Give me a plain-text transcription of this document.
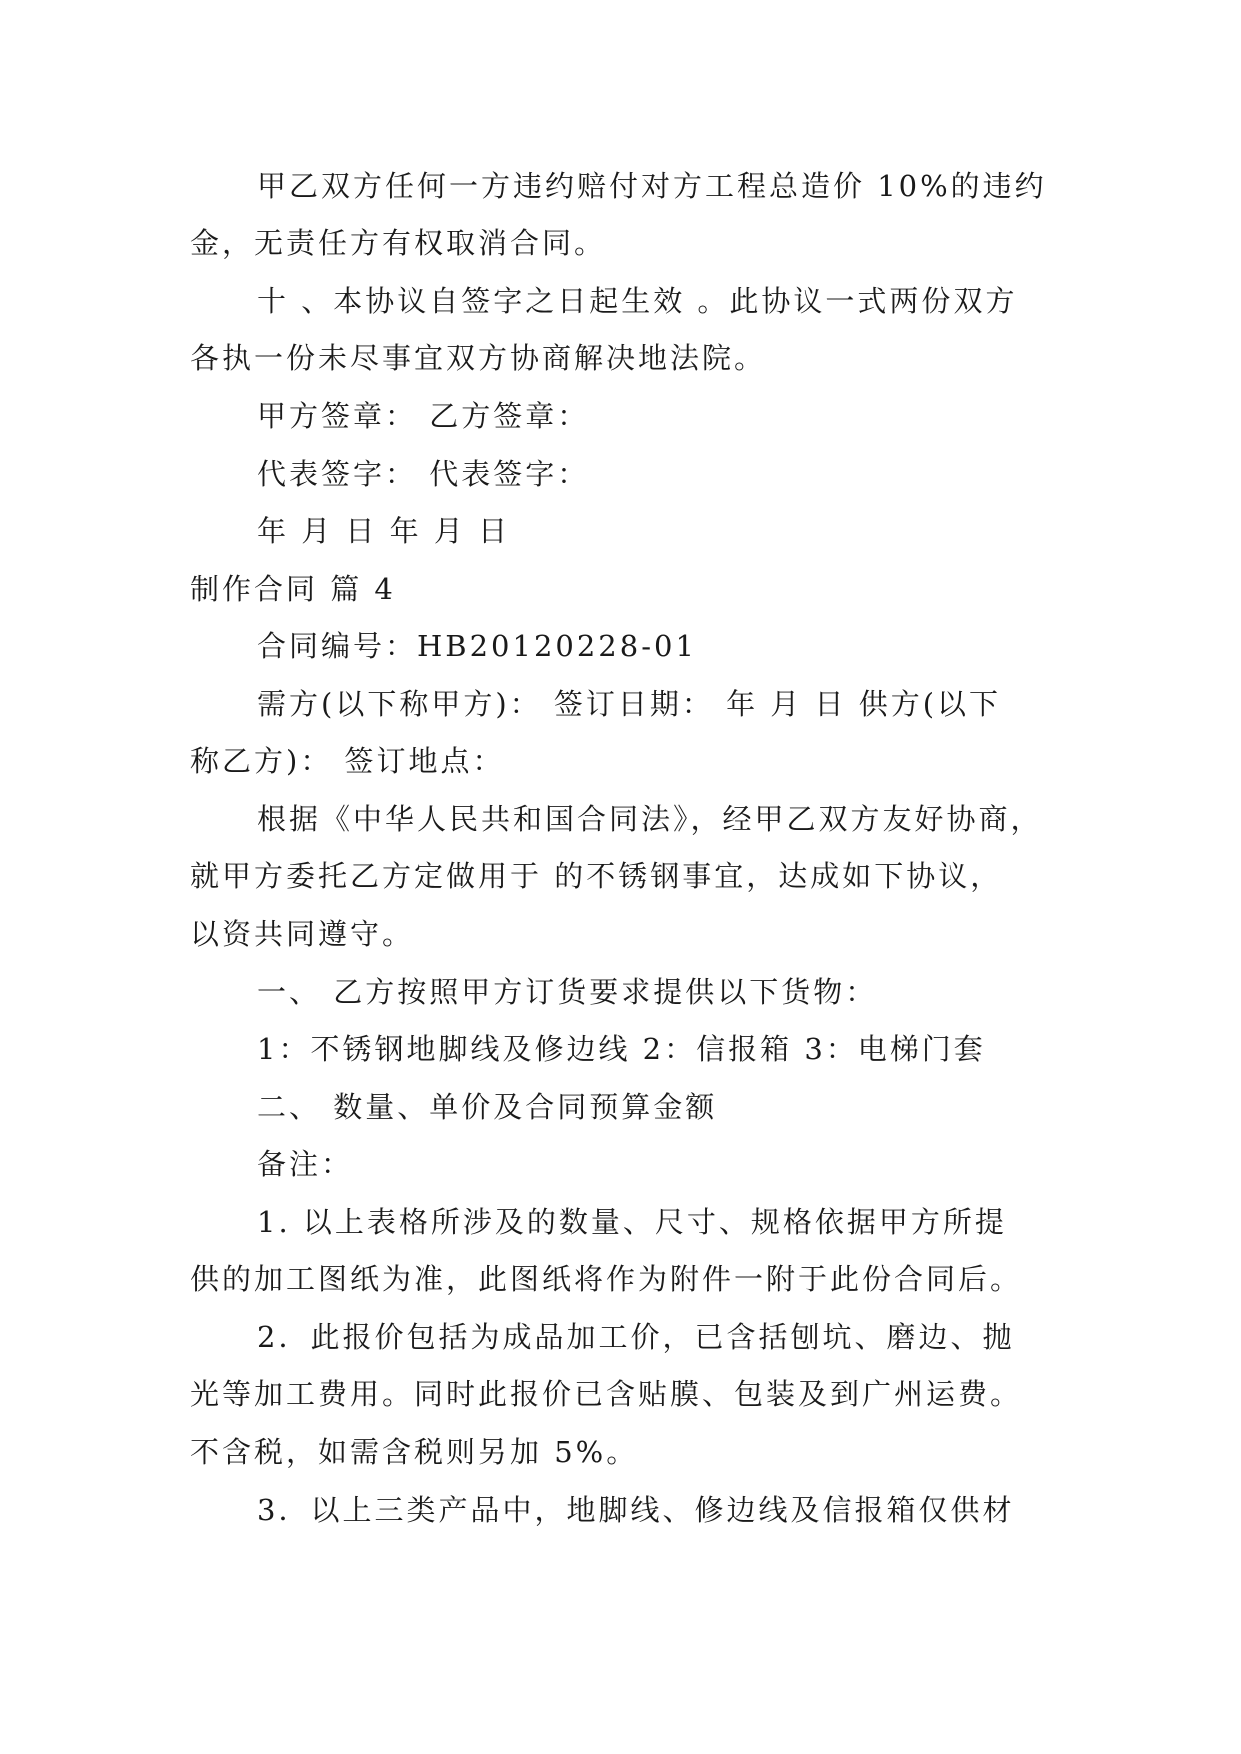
甲乙双方任何一方违约赔付对方工程总造价 10%的违约
金，无责任方有权取消合同。
十 、本协议自签字之日起生效 。此协议一式两份双方
各执一份未尽事宜双方协商解决地法院。
甲方签章： 乙方签章：
代表签字： 代表签字：
年 月 日 年 月 日
制作合同 篇 4
合同编号：HB20120228-01
需方(以下称甲方)： 签订日期： 年 月 日 供方(以下
称乙方)： 签订地点：
根据《中华人民共和国合同法》，经甲乙双方友好协商，
就甲方委托乙方定做用于 的不锈钢事宜，达成如下协议，
以资共同遵守。
一、 乙方按照甲方订货要求提供以下货物：
1：不锈钢地脚线及修边线 2：信报箱 3：电梯门套
二、 数量、单价及合同预算金额
备注：
1. 以上表格所涉及的数量、尺寸、规格依据甲方所提
供的加工图纸为准，此图纸将作为附件一附于此份合同后。
2．此报价包括为成品加工价，已含括刨坑、磨边、抛
光等加工费用。同时此报价已含贴膜、包装及到广州运费。
不含税，如需含税则另加 5%。
3．以上三类产品中，地脚线、修边线及信报箱仅供材
